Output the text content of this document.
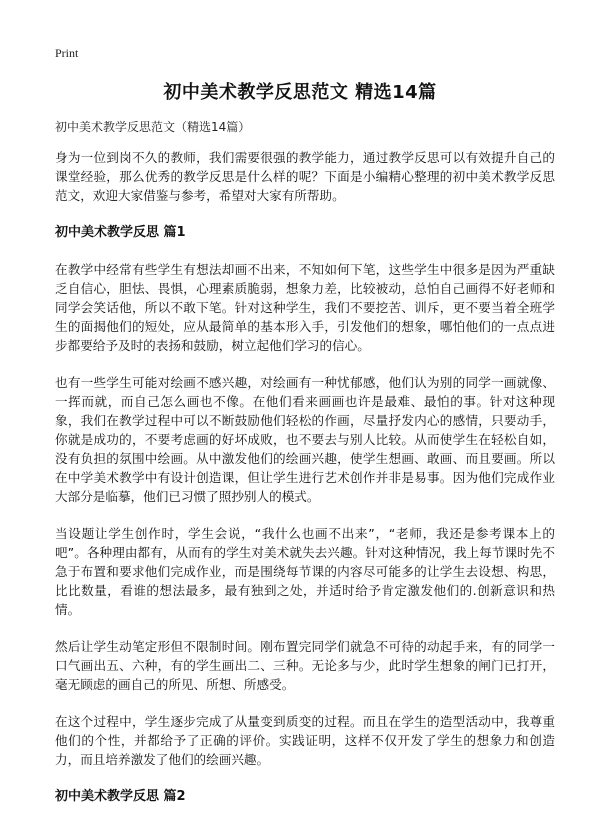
Print
初中美术教学反思范文 精选14篇
初中美术教学反思范文（精选14篇）

身为一位到岗不久的教师，我们需要很强的教学能力，通过教学反思可以有效提升自己的课堂经验，那么优秀的教学反思是什么样的呢？下面是小编精心整理的初中美术教学反思范文，欢迎大家借鉴与参考，希望对大家有所帮助。

初中美术教学反思 篇1

在教学中经常有些学生有想法却画不出来，不知如何下笔，这些学生中很多是因为严重缺乏自信心，胆怯、畏惧，心理素质脆弱，想象力差，比较被动，总怕自己画得不好老师和同学会笑话他，所以不敢下笔。针对这种学生，我们不要挖苦、训斥，更不要当着全班学生的面揭他们的短处，应从最简单的基本形入手，引发他们的想象，哪怕他们的一点点进步都要给予及时的表扬和鼓励，树立起他们学习的信心。

也有一些学生可能对绘画不感兴趣，对绘画有一种忧郁感，他们认为别的同学一画就像、一挥而就，而自己怎么画也不像。在他们看来画画也许是最难、最怕的事。针对这种现象，我们在教学过程中可以不断鼓励他们轻松的作画，尽量抒发内心的感情，只要动手，你就是成功的，不要考虑画的好坏成败，也不要去与别人比较。从而使学生在轻松自如，没有负担的氛围中绘画。从中激发他们的绘画兴趣，使学生想画、敢画、而且要画。所以在中学美术教学中有设计创造课，但让学生进行艺术创作并非是易事。因为他们完成作业大部分是临摹，他们已习惯了照抄别人的模式。

当设题让学生创作时，学生会说，“我什么也画不出来”，“老师，我还是参考课本上的吧”。各种理由都有，从而有的学生对美术就失去兴趣。针对这种情况，我上每节课时先不急于布置和要求他们完成作业，而是围绕每节课的内容尽可能多的让学生去设想、构思，比比数量，看谁的想法最多，最有独到之处，并适时给予肯定激发他们的.创新意识和热情。

然后让学生动笔定形但不限制时间。刚布置完同学们就急不可待的动起手来，有的同学一口气画出五、六种，有的学生画出二、三种。无论多与少，此时学生想象的闸门已打开，毫无顾虑的画自己的所见、所想、所感受。

在这个过程中，学生逐步完成了从量变到质变的过程。而且在学生的造型活动中，我尊重他们的个性，并都给予了正确的评价。实践证明，这样不仅开发了学生的想象力和创造力，而且培养激发了他们的绘画兴趣。

初中美术教学反思 篇2
